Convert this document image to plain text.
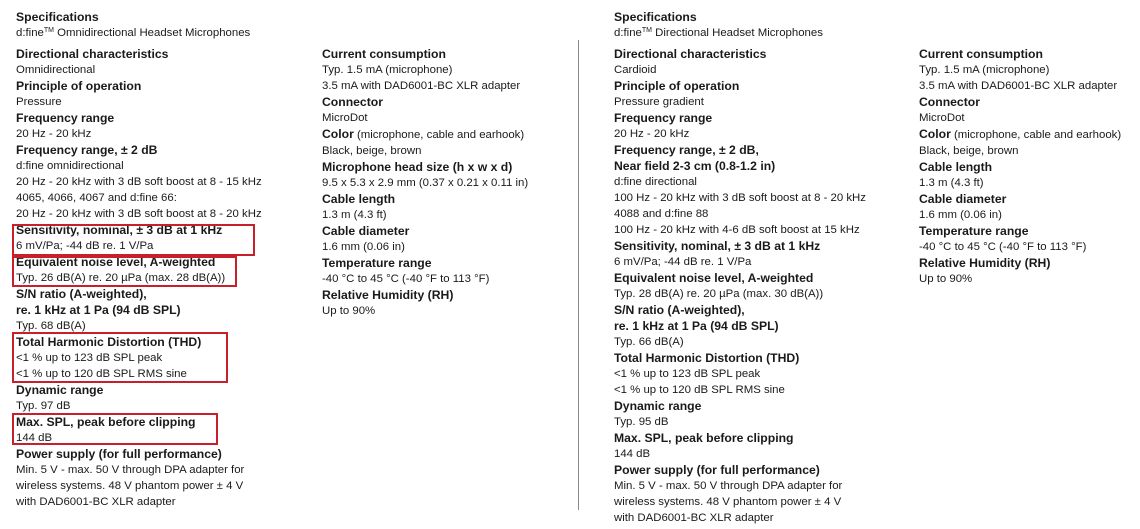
Specifications
d:fine™ Omnidirectional Headset Microphones
Directional characteristics
Omnidirectional
Principle of operation
Pressure
Frequency range
20 Hz - 20 kHz
Frequency range, ± 2 dB
d:fine omnidirectional
20 Hz - 20 kHz with 3 dB soft boost at 8 - 15 kHz
4065, 4066, 4067 and d:fine 66:
20 Hz - 20 kHz with 3 dB soft boost at 8 - 20 kHz
Sensitivity, nominal, ± 3 dB at 1 kHz
6 mV/Pa; -44 dB re. 1 V/Pa
Equivalent noise level, A-weighted
Typ. 26 dB(A) re. 20 µPa (max. 28 dB(A))
S/N ratio (A-weighted),
re. 1 kHz at 1 Pa (94 dB SPL)
Typ. 68 dB(A)
Total Harmonic Distortion (THD)
<1 % up to 123 dB SPL peak
<1 % up to 120 dB SPL RMS sine
Dynamic range
Typ. 97 dB
Max. SPL, peak before clipping
144 dB
Power supply (for full performance)
Min. 5 V - max. 50 V through DPA adapter for
wireless systems. 48 V phantom power ± 4 V
with DAD6001-BC XLR adapter
Current consumption
Typ. 1.5 mA (microphone)
3.5 mA with DAD6001-BC XLR adapter
Connector
MicroDot
Color (microphone, cable and earhook)
Black, beige, brown
Microphone head size (h x w x d)
9.5 x 5.3 x 2.9 mm (0.37 x 0.21 x 0.11 in)
Cable length
1.3 m (4.3 ft)
Cable diameter
1.6 mm (0.06 in)
Temperature range
-40 °C to 45 °C (-40 °F to 113 °F)
Relative Humidity (RH)
Up to 90%
Specifications
d:fine™ Directional Headset Microphones
Directional characteristics
Cardioid
Principle of operation
Pressure gradient
Frequency range
20 Hz - 20 kHz
Frequency range, ± 2 dB,
Near field 2-3 cm (0.8-1.2 in)
d:fine directional
100 Hz - 20 kHz with 3 dB soft boost at 8 - 20 kHz
4088 and d:fine 88
100 Hz - 20 kHz with 4-6 dB soft boost at 15 kHz
Sensitivity, nominal, ± 3 dB at 1 kHz
6 mV/Pa; -44 dB re. 1 V/Pa
Equivalent noise level, A-weighted
Typ. 28 dB(A) re. 20 µPa (max. 30 dB(A))
S/N ratio (A-weighted),
re. 1 kHz at 1 Pa (94 dB SPL)
Typ. 66 dB(A)
Total Harmonic Distortion (THD)
<1 % up to 123 dB SPL peak
<1 % up to 120 dB SPL RMS sine
Dynamic range
Typ. 95 dB
Max. SPL, peak before clipping
144 dB
Power supply (for full performance)
Min. 5 V - max. 50 V through DPA adapter for
wireless systems. 48 V phantom power ± 4 V
with DAD6001-BC XLR adapter
Current consumption
Typ. 1.5 mA (microphone)
3.5 mA with DAD6001-BC XLR adapter
Connector
MicroDot
Color (microphone, cable and earhook)
Black, beige, brown
Cable length
1.3 m (4.3 ft)
Cable diameter
1.6 mm (0.06 in)
Temperature range
-40 °C to 45 °C (-40 °F to 113 °F)
Relative Humidity (RH)
Up to 90%
